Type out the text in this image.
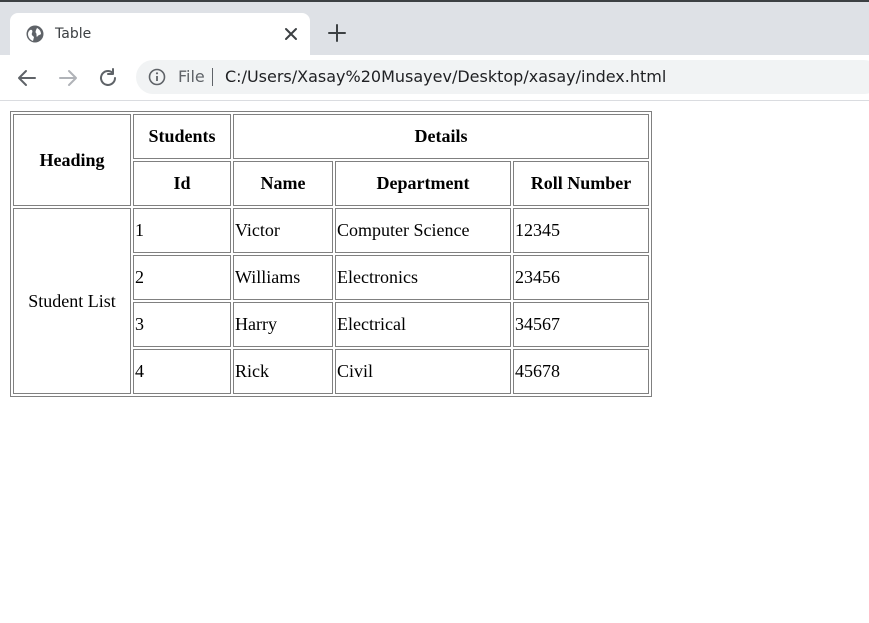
Table
File C:/Users/Xasay%20Musayev/Desktop/xasay/index.html
Heading	Students	Details		
	Id	Name	Department	Roll Number
Student List	1	Victor	Computer Science	12345
	2	Williams	Electronics	23456
	3	Harry	Electrical	34567
	4	Rick	Civil	45678
